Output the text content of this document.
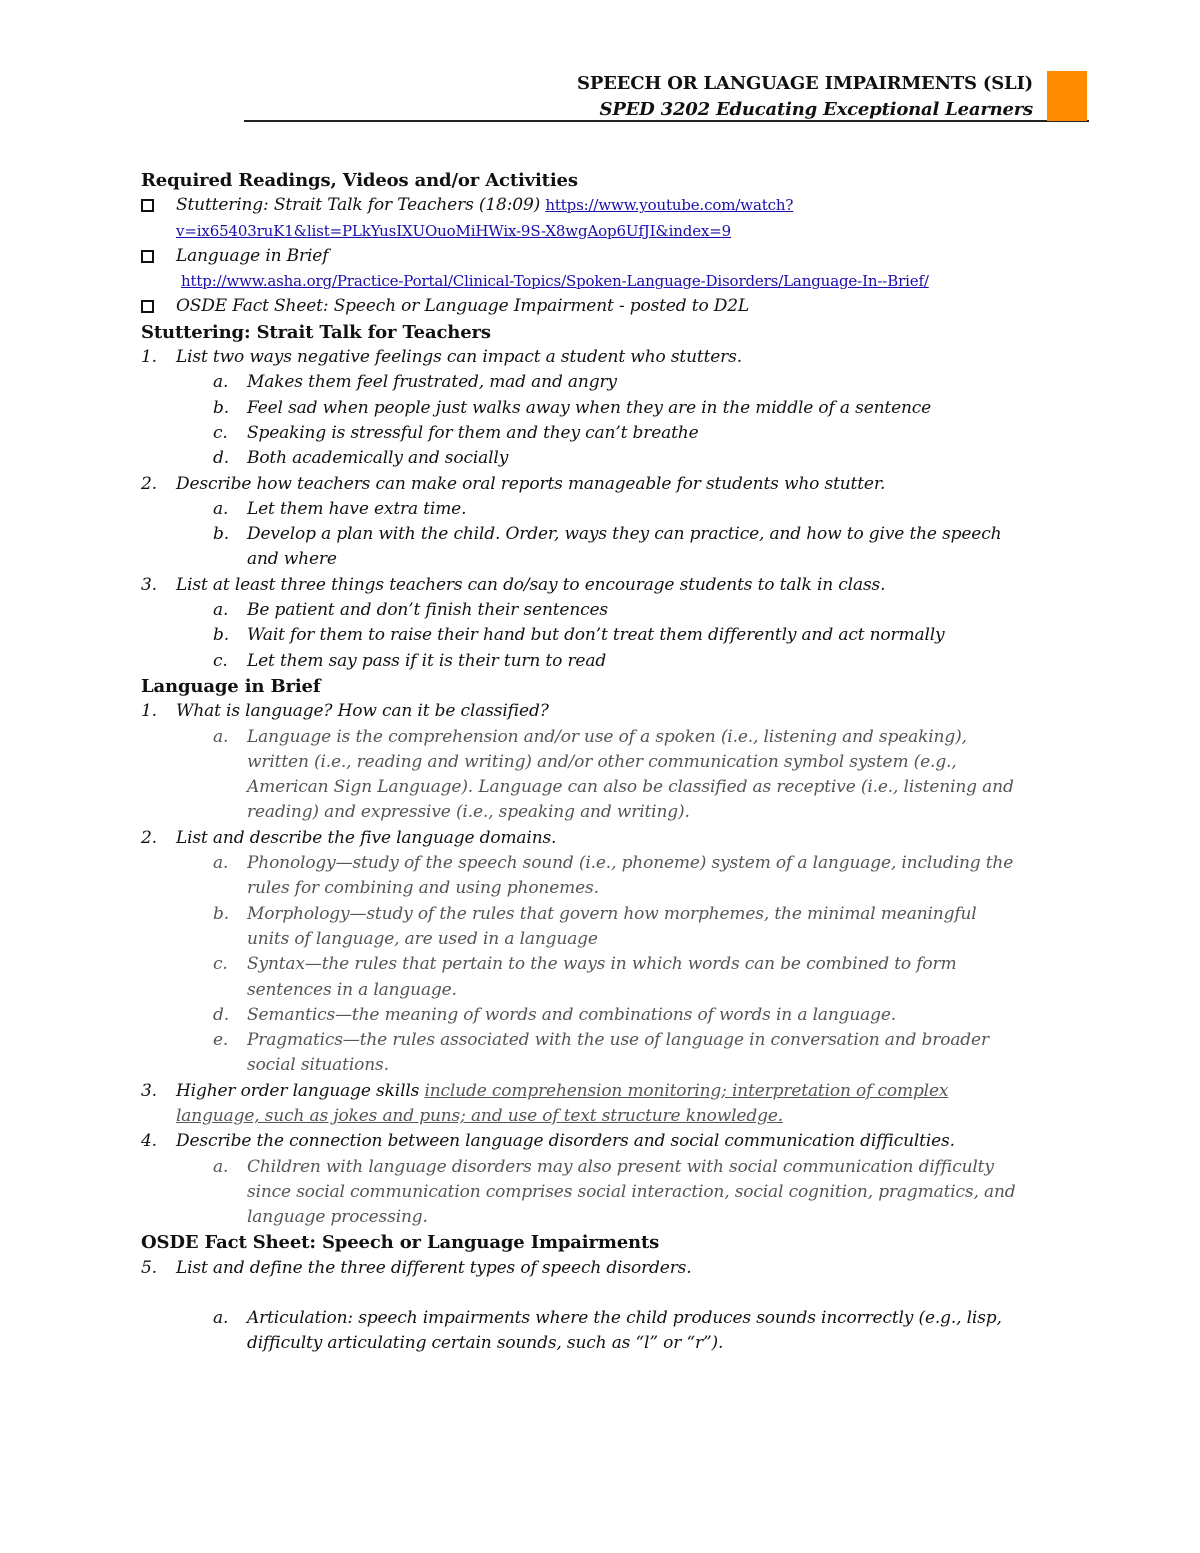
SPEECH OR LANGUAGE IMPAIRMENTS (SLI)
SPED 3202 Educating Exceptional Learners
Required Readings, Videos and/or Activities
Stuttering: Strait Talk for Teachers (18:09) https://www.youtube.com/watch?
v=ix65403ruK1&list=PLkYusIXUOuoMiHWix-9S-X8wgAop6UfJI&index=9
Language in Brief
http://www.asha.org/Practice-Portal/Clinical-Topics/Spoken-Language-Disorders/Language-In--Brief/
OSDE Fact Sheet: Speech or Language Impairment - posted to D2L
Stuttering: Strait Talk for Teachers
1. List two ways negative feelings can impact a student who stutters.
a. Makes them feel frustrated, mad and angry
b. Feel sad when people just walks away when they are in the middle of a sentence
c. Speaking is stressful for them and they can’t breathe
d. Both academically and socially
2. Describe how teachers can make oral reports manageable for students who stutter.
a. Let them have extra time.
b. Develop a plan with the child. Order, ways they can practice, and how to give the speech
and where
3. List at least three things teachers can do/say to encourage students to talk in class.
a. Be patient and don’t finish their sentences
b. Wait for them to raise their hand but don’t treat them differently and act normally
c. Let them say pass if it is their turn to read
Language in Brief
1. What is language? How can it be classified?
a. Language is the comprehension and/or use of a spoken (i.e., listening and speaking),
written (i.e., reading and writing) and/or other communication symbol system (e.g.,
American Sign Language). Language can also be classified as receptive (i.e., listening and
reading) and expressive (i.e., speaking and writing).
2. List and describe the five language domains.
a. Phonology—study of the speech sound (i.e., phoneme) system of a language, including the
rules for combining and using phonemes.
b. Morphology—study of the rules that govern how morphemes, the minimal meaningful
units of language, are used in a language
c. Syntax—the rules that pertain to the ways in which words can be combined to form
sentences in a language.
d. Semantics—the meaning of words and combinations of words in a language.
e. Pragmatics—the rules associated with the use of language in conversation and broader
social situations.
3. Higher order language skills include comprehension monitoring; interpretation of complex
language, such as jokes and puns; and use of text structure knowledge.
4. Describe the connection between language disorders and social communication difficulties.
a. Children with language disorders may also present with social communication difficulty
since social communication comprises social interaction, social cognition, pragmatics, and
language processing.
OSDE Fact Sheet: Speech or Language Impairments
5. List and define the three different types of speech disorders.
a. Articulation: speech impairments where the child produces sounds incorrectly (e.g., lisp,
difficulty articulating certain sounds, such as “l” or “r”).
